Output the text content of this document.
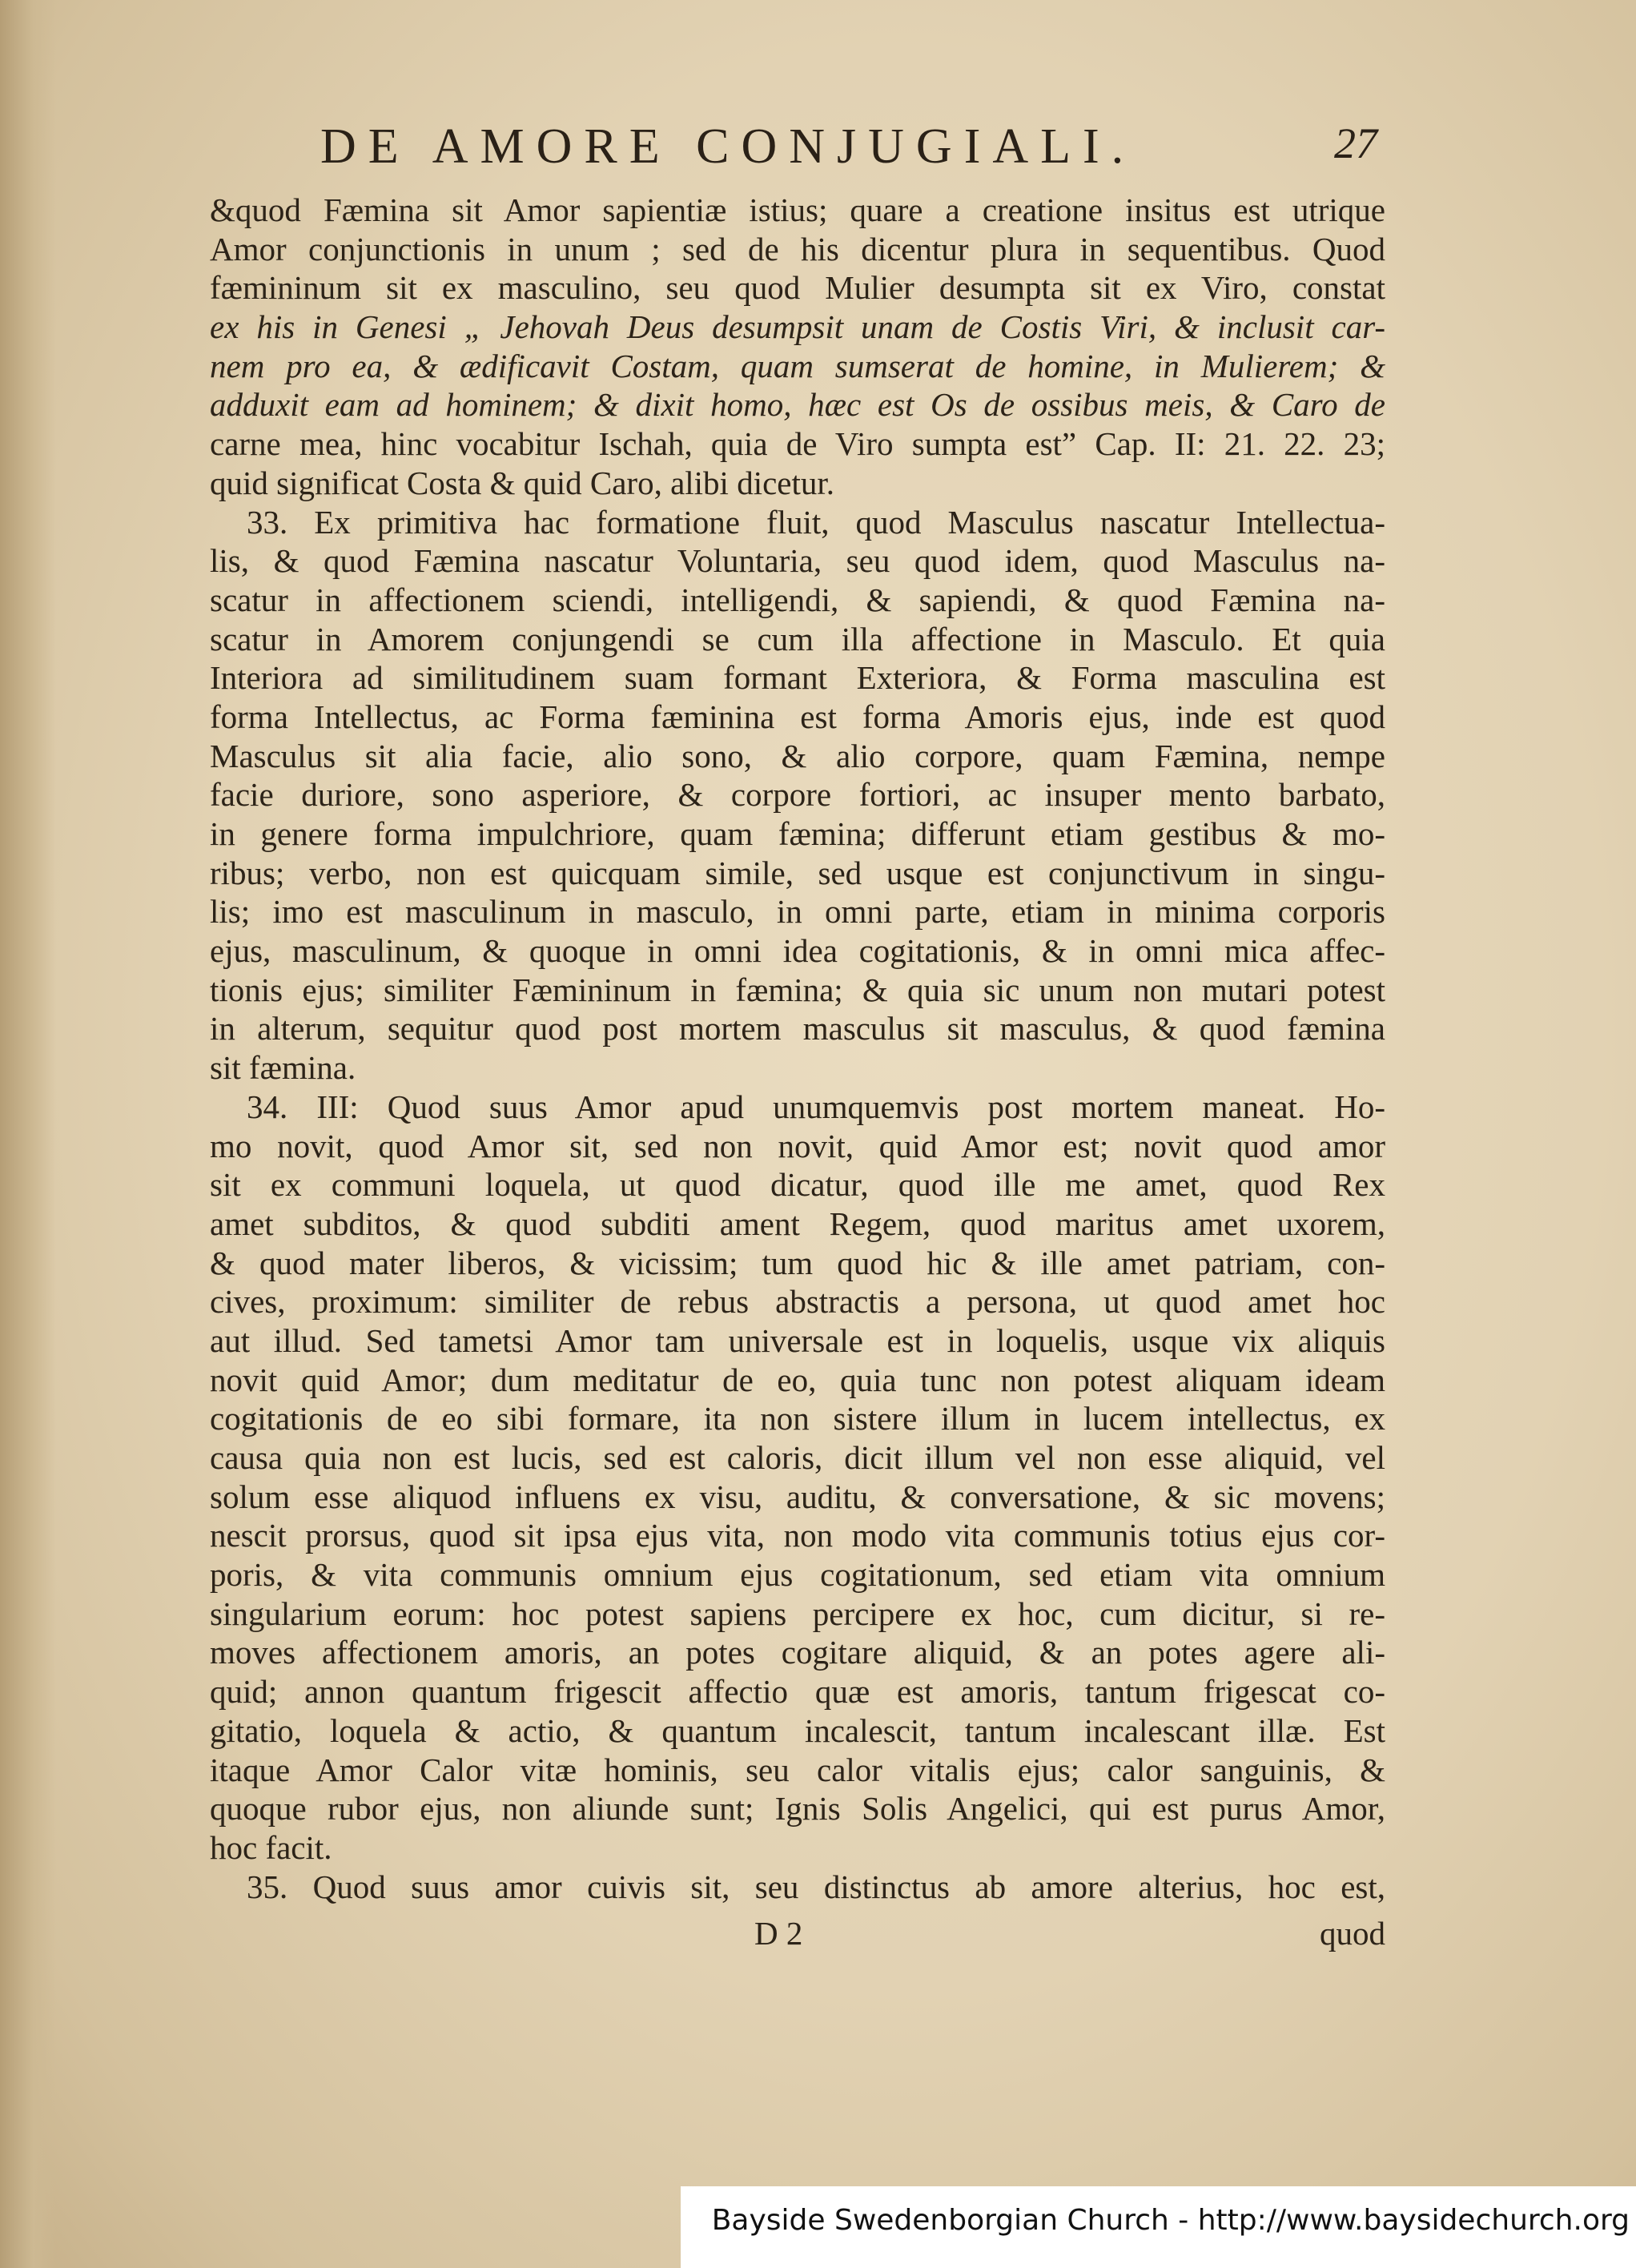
DE AMORE CONJUGIALI.	27
&quod Fæmina sit Amor sapientiæ istius; quare a creatione insitus est utrique
Amor conjunctionis in unum ; sed de his dicentur plura in sequentibus. Quod
fæmininum sit ex masculino, seu quod Mulier desumpta sit ex Viro, constat
ex his in Genesi „ Jehovah Deus desumpsit unam de Costis Viri, & inclusit car-
nem pro ea, & ædificavit Costam, quam sumserat de homine, in Mulierem; &
adduxit eam ad hominem; & dixit homo, hæc est Os de ossibus meis, & Caro de
carne mea, hinc vocabitur Ischah, quia de Viro sumpta est” Cap. II: 21. 22. 23;
quid significat Costa & quid Caro, alibi dicetur.
33. Ex primitiva hac formatione fluit, quod Masculus nascatur Intellectua-
lis, & quod Fæmina nascatur Voluntaria, seu quod idem, quod Masculus na-
scatur in affectionem sciendi, intelligendi, & sapiendi, & quod Fæmina na-
scatur in Amorem conjungendi se cum illa affectione in Masculo. Et quia
Interiora ad similitudinem suam formant Exteriora, & Forma masculina est
forma Intellectus, ac Forma fæminina est forma Amoris ejus, inde est quod
Masculus sit alia facie, alio sono, & alio corpore, quam Fæmina, nempe
facie duriore, sono asperiore, & corpore fortiori, ac insuper mento barbato,
in genere forma impulchriore, quam fæmina; differunt etiam gestibus & mo-
ribus; verbo, non est quicquam simile, sed usque est conjunctivum in singu-
lis; imo est masculinum in masculo, in omni parte, etiam in minima corporis
ejus, masculinum, & quoque in omni idea cogitationis, & in omni mica affec-
tionis ejus; similiter Fæmininum in fæmina; & quia sic unum non mutari potest
in alterum, sequitur quod post mortem masculus sit masculus, & quod fæmina
sit fæmina.
34. III: Quod suus Amor apud unumquemvis post mortem maneat. Ho-
mo novit, quod Amor sit, sed non novit, quid Amor est; novit quod amor
sit ex communi loquela, ut quod dicatur, quod ille me amet, quod Rex
amet subditos, & quod subditi ament Regem, quod maritus amet uxorem,
& quod mater liberos, & vicissim; tum quod hic & ille amet patriam, con-
cives, proximum: similiter de rebus abstractis a persona, ut quod amet hoc
aut illud. Sed tametsi Amor tam universale est in loquelis, usque vix aliquis
novit quid Amor; dum meditatur de eo, quia tunc non potest aliquam ideam
cogitationis de eo sibi formare, ita non sistere illum in lucem intellectus, ex
causa quia non est lucis, sed est caloris, dicit illum vel non esse aliquid, vel
solum esse aliquod influens ex visu, auditu, & conversatione, & sic movens;
nescit prorsus, quod sit ipsa ejus vita, non modo vita communis totius ejus cor-
poris, & vita communis omnium ejus cogitationum, sed etiam vita omnium
singularium eorum: hoc potest sapiens percipere ex hoc, cum dicitur, si re-
moves affectionem amoris, an potes cogitare aliquid, & an potes agere ali-
quid; annon quantum frigescit affectio quæ est amoris, tantum frigescat co-
gitatio, loquela & actio, & quantum incalescit, tantum incalescant illæ. Est
itaque Amor Calor vitæ hominis, seu calor vitalis ejus; calor sanguinis, &
quoque rubor ejus, non aliunde sunt; Ignis Solis Angelici, qui est purus Amor,
hoc facit.
35. Quod suus amor cuivis sit, seu distinctus ab amore alterius, hoc est,
D 2	quod
Bayside Swedenborgian Church - http://www.baysidechurch.org
